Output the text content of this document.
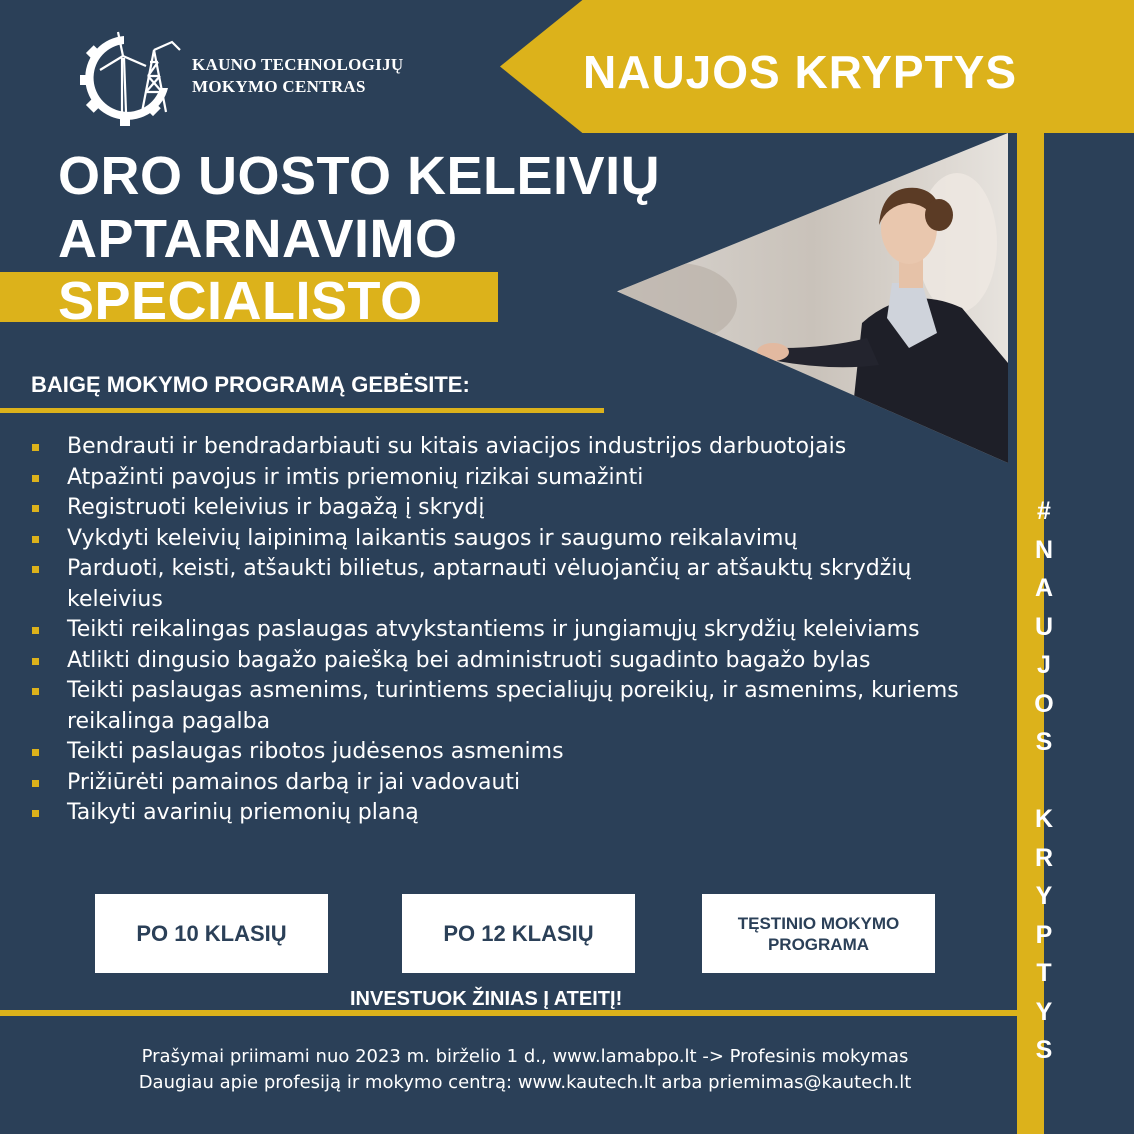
KAUNO TECHNOLOGIJŲ
MOKYMO CENTRAS	NAUJOS KRYPTYS
#
N
A
U
J
O
S
K
R
Y
P
T
Y
S
ORO UOSTO KELEIVIŲ
APTARNAVIMO
SPECIALISTO
BAIGĘ MOKYMO PROGRAMĄ GEBĖSITE:
Bendrauti ir bendradarbiauti su kitais aviacijos industrijos darbuotojais
Atpažinti pavojus ir imtis priemonių rizikai sumažinti
Registruoti keleivius ir bagažą į skrydį
Vykdyti keleivių laipinimą laikantis saugos ir saugumo reikalavimų
Parduoti, keisti, atšaukti bilietus, aptarnauti vėluojančių ar atšauktų skrydžių keleivius
Teikti reikalingas paslaugas atvykstantiems ir jungiamųjų skrydžių keleiviams
Atlikti dingusio bagažo paiešką bei administruoti sugadinto bagažo bylas
Teikti paslaugas asmenims, turintiems specialiųjų poreikių, ir asmenims, kuriems reikalinga pagalba
Teikti paslaugas ribotos judėsenos asmenims
Prižiūrėti pamainos darbą ir jai vadovauti
Taikyti avarinių priemonių planą
PO 10 KLASIŲ	PO 12 KLASIŲ	TĘSTINIO MOKYMO
PROGRAMA
INVESTUOK ŽINIAS Į ATEITĮ!
Prašymai priimami nuo 2023 m. birželio 1 d., www.lamabpo.lt -> Profesinis mokymas
Daugiau apie profesiją ir mokymo centrą: www.kautech.lt arba priemimas@kautech.lt
